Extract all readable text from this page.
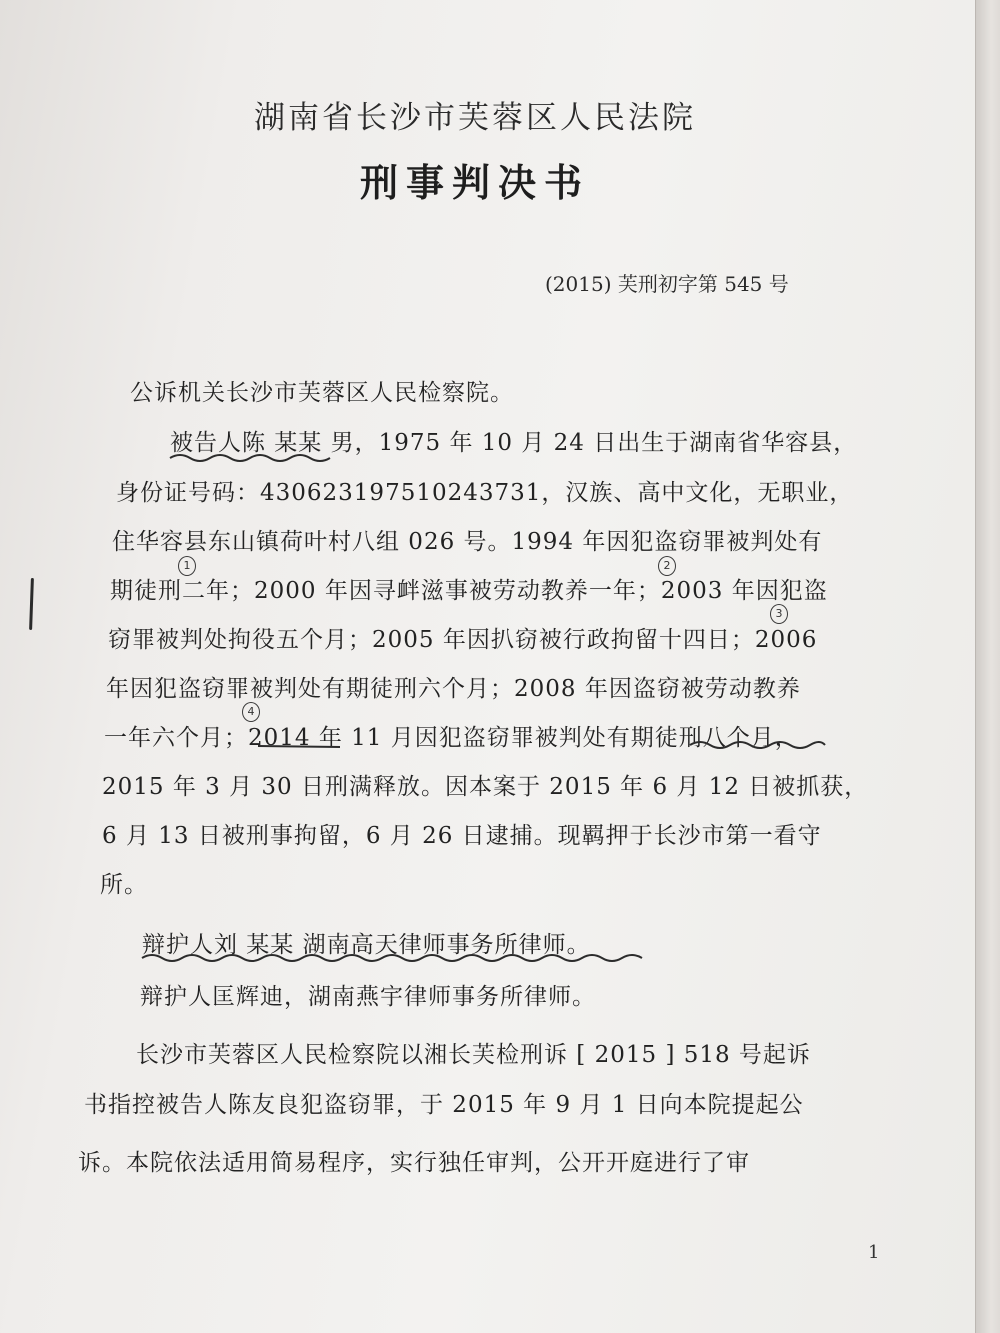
湖南省长沙市芙蓉区人民法院
刑事判决书
(2015) 芙刑初字第 545 号
公诉机关长沙市芙蓉区人民检察院。
被告人陈 某某 男，1975 年 10 月 24 日出生于湖南省华容县，
身份证号码：430623197510243731，汉族、高中文化，无职业，
住华容县东山镇荷叶村八组 026 号。1994 年因犯盗窃罪被判处有
期徒刑二年；2000 年因寻衅滋事被劳动教养一年；2003 年因犯盗
窃罪被判处拘役五个月；2005 年因扒窃被行政拘留十四日；2006
年因犯盗窃罪被判处有期徒刑六个月；2008 年因盗窃被劳动教养
一年六个月；2014 年 11 月因犯盗窃罪被判处有期徒刑八个月，
2015 年 3 月 30 日刑满释放。因本案于 2015 年 6 月 12 日被抓获，
6 月 13 日被刑事拘留，6 月 26 日逮捕。现羁押于长沙市第一看守
所。
辩护人刘 某某 湖南高天律师事务所律师。
辩护人匡辉迪，湖南燕宇律师事务所律师。
长沙市芙蓉区人民检察院以湘长芙检刑诉 [ 2015 ] 518 号起诉
书指控被告人陈友良犯盗窃罪，于 2015 年 9 月 1 日向本院提起公
诉。本院依法适用简易程序，实行独任审判，公开开庭进行了审
1	2
3
4
1
